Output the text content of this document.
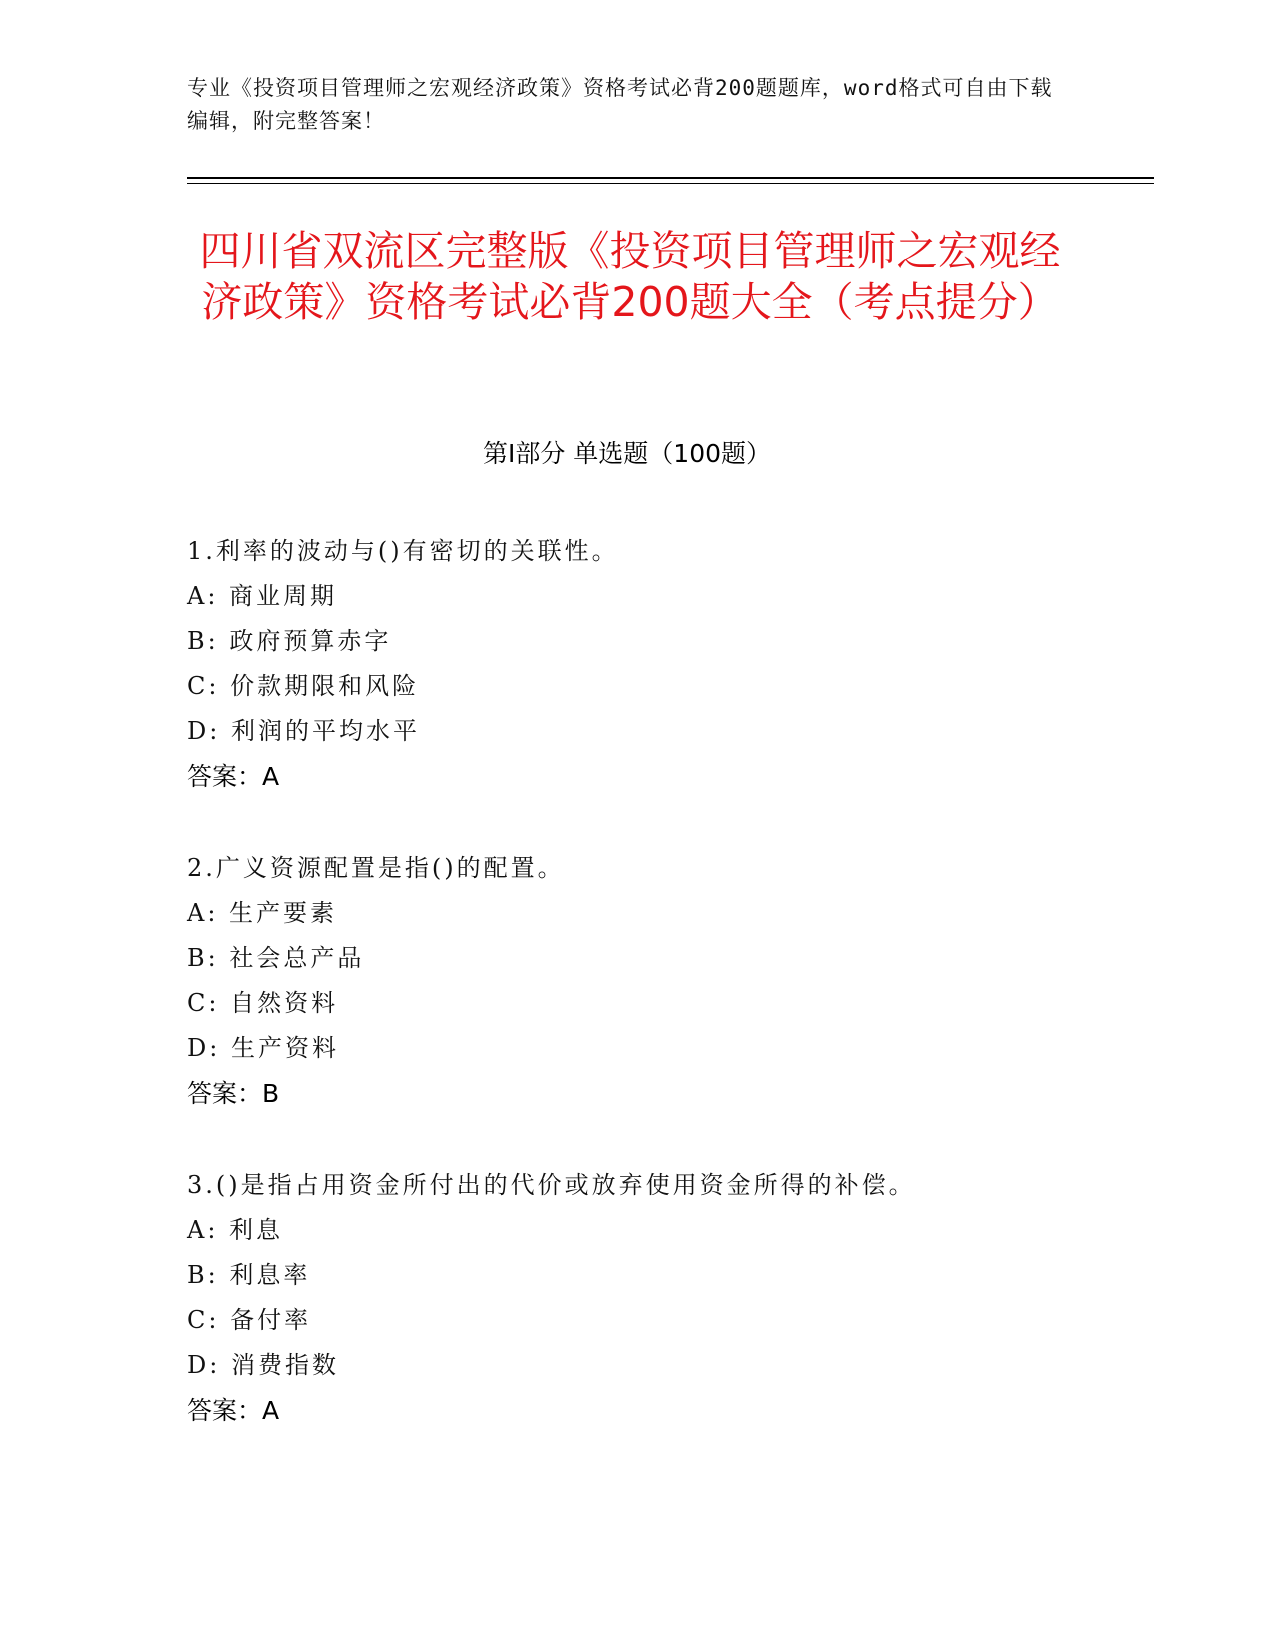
专业《投资项目管理师之宏观经济政策》资格考试必背200题题库，word格式可自由下载编辑，附完整答案！
四川省双流区完整版《投资项目管理师之宏观经济政策》资格考试必背200题大全（考点提分）
第Ⅰ部分 单选题（100题）
1.利率的波动与()有密切的关联性。
A: 商业周期
B: 政府预算赤字
C: 价款期限和风险
D: 利润的平均水平
答案：A
2.广义资源配置是指()的配置。
A: 生产要素
B: 社会总产品
C: 自然资料
D: 生产资料
答案：B
3.()是指占用资金所付出的代价或放弃使用资金所得的补偿。
A: 利息
B: 利息率
C: 备付率
D: 消费指数
答案：A
